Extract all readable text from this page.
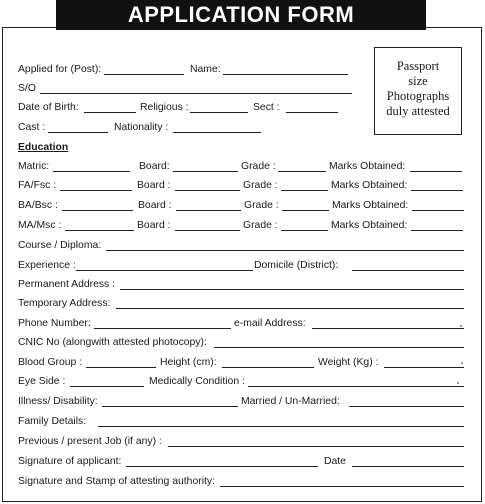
APPLICATION FORM
Passport
size
Photographs
duly attested
Applied for (Post):	Name:
S/O
Date of Birth:	Religious :	Sect :
Cast :	Nationality :
Education
Matric:	Board:	Grade :	Marks Obtained:
FA/Fsc :	Board :	Grade :	Marks Obtained:
BA/Bsc :	Board :	Grade :	Marks Obtained:
MA/Msc :	Board :	Grade :	Marks Obtained:
Course / Diploma:
Experience :	Domicile (District):
Permanent Address :
Temporary Address:
Phone Number:	e-mail Address:
CNIC No (alongwith attested photocopy):
Blood Group :	Height (cm):	Weight (Kg) :
Eye Side :	Medically Condition :
Illness/ Disability:	Married / Un-Married:
Family Details:
Previous / present Job (if any) :
Signature of applicant:	Date
Signature and Stamp of attesting authority:
